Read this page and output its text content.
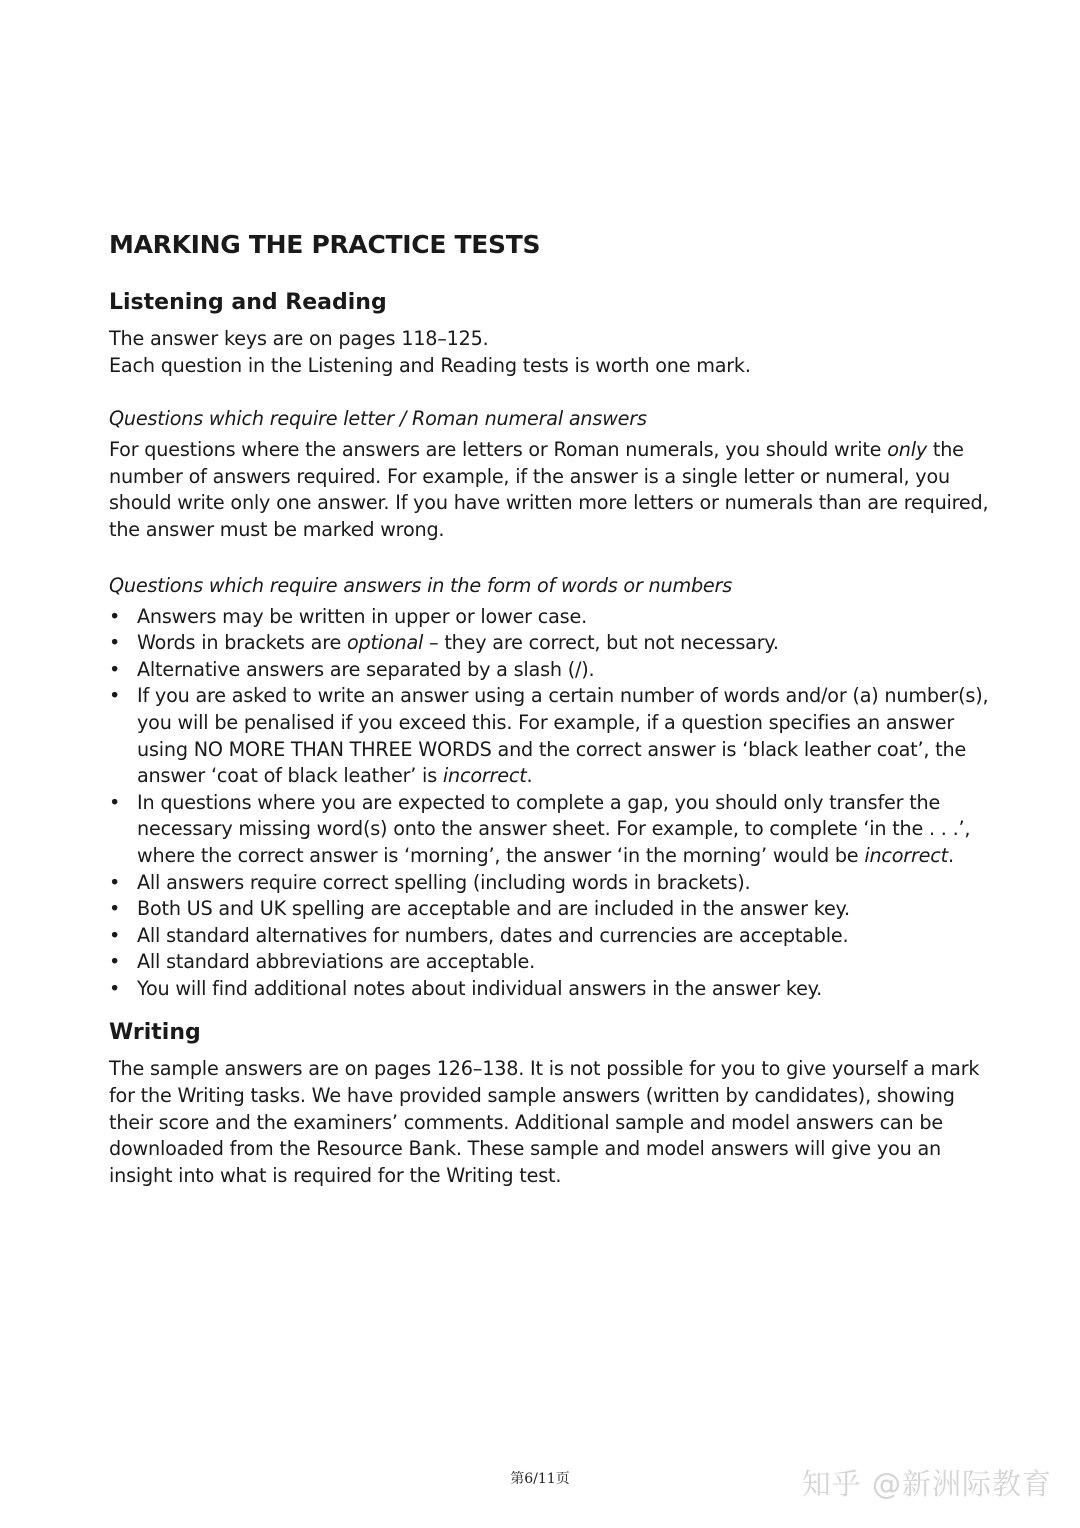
MARKING THE PRACTICE TESTS
Listening and Reading

The answer keys are on pages 118–125.

Each question in the Listening and Reading tests is worth one mark.

Questions which require letter / Roman numeral answers

For questions where the answers are letters or Roman numerals, you should write only the number of answers required. For example, if the answer is a single letter or numeral, you should write only one answer. If you have written more letters or numerals than are required, the answer must be marked wrong.

Questions which require answers in the form of words or numbers

• Answers may be written in upper or lower case.
• Words in brackets are optional – they are correct, but not necessary.
• Alternative answers are separated by a slash (/).
• If you are asked to write an answer using a certain number of words and/or (a) number(s), you will be penalised if you exceed this. For example, if a question specifies an answer using NO MORE THAN THREE WORDS and the correct answer is ‘black leather coat’, the answer ‘coat of black leather’ is incorrect.
• In questions where you are expected to complete a gap, you should only transfer the necessary missing word(s) onto the answer sheet. For example, to complete ‘in the . . .’, where the correct answer is ‘morning’, the answer ‘in the morning’ would be incorrect.
• All answers require correct spelling (including words in brackets).
• Both US and UK spelling are acceptable and are included in the answer key.
• All standard alternatives for numbers, dates and currencies are acceptable.
• All standard abbreviations are acceptable.
• You will find additional notes about individual answers in the answer key.
Writing

The sample answers are on pages 126–138. It is not possible for you to give yourself a mark for the Writing tasks. We have provided sample answers (written by candidates), showing their score and the examiners’ comments. Additional sample and model answers can be downloaded from the Resource Bank. These sample and model answers will give you an insight into what is required for the Writing test.

第6/11页	知乎 @新洲际教育
